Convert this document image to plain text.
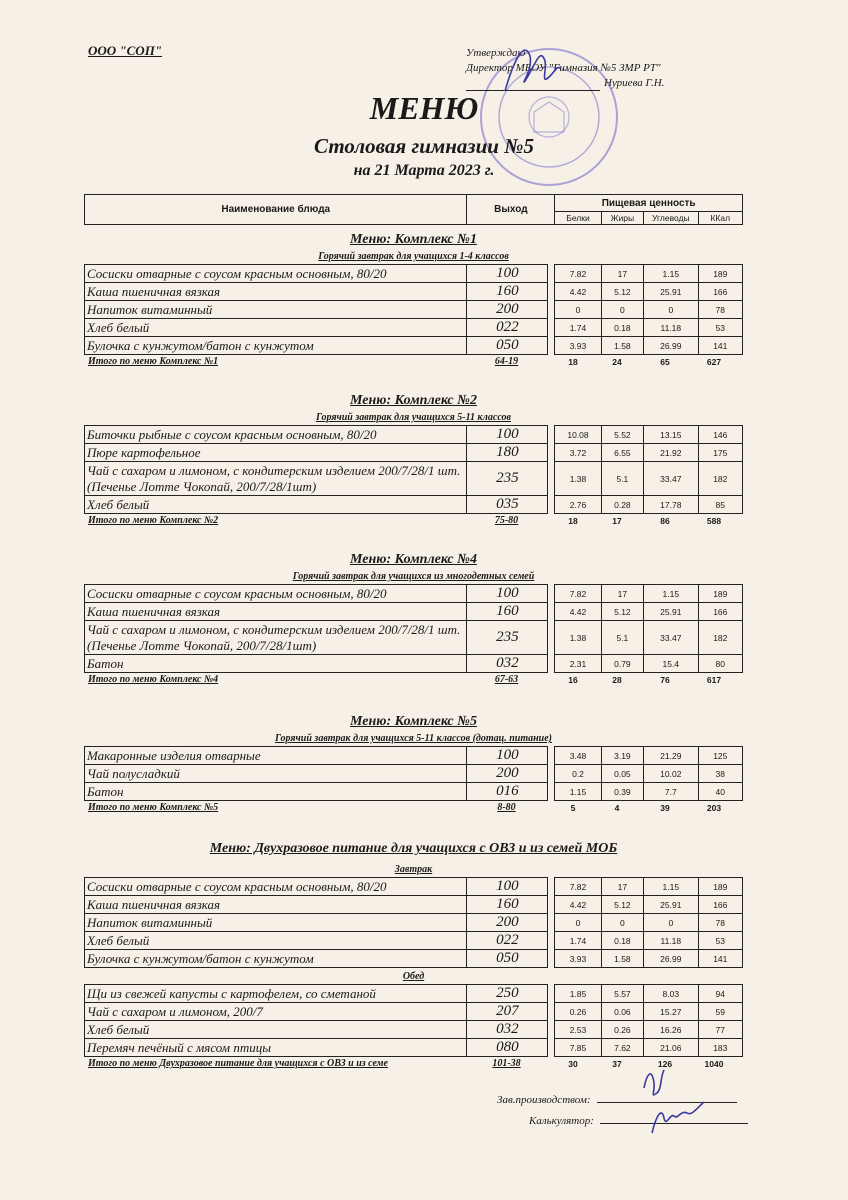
ООО "СОП"	Утверждаю
Директор МБОУ "Гимназия №5 ЗМР РТ"
Нуриева Г.Н.
МЕНЮ
Столовая гимназии №5
на 21 Марта 2023 г.
Наименование блюда	Выход	Пищевая ценность			
		Белки	Жиры	Углеводы	ККал
Меню: Комплекс №1
Горячий завтрак для учащихся 1-4 классов
Сосиски отварные с соусом красным основным, 80/20	100		7.82	17	1.15	189
Каша пшеничная вязкая	160		4.42	5.12	25.91	166
Напиток витаминный	200		0	0	0	78
Хлеб белый	022		1.74	0.18	11.18	53
Булочка с кунжутом/батон с кунжутом	050		3.93	1.58	26.99	141
Итого по меню Комплекс №1	64-19	18	24	65	627
Меню: Комплекс №2
Горячий завтрак для учащихся 5-11 классов
Биточки рыбные с соусом красным основным, 80/20	100		10.08	5.52	13.15	146
Пюре картофельное	180		3.72	6.55	21.92	175
Чай с сахаром и лимоном, с кондитерским изделием 200/7/28/1 шт. (Печенье Лотте Чокопай, 200/7/28/1шт)	235		1.38	5.1	33.47	182
Хлеб белый	035		2.76	0.28	17.78	85
Итого по меню Комплекс №2	75-80	18	17	86	588
Меню: Комплекс №4
Горячий завтрак для учащихся из многодетных семей
Сосиски отварные с соусом красным основным, 80/20	100		7.82	17	1.15	189
Каша пшеничная вязкая	160		4.42	5.12	25.91	166
Чай с сахаром и лимоном, с кондитерским изделием 200/7/28/1 шт. (Печенье Лотте Чокопай, 200/7/28/1шт)	235		1.38	5.1	33.47	182
Батон	032		2.31	0.79	15.4	80
Итого по меню Комплекс №4	67-63	16	28	76	617
Меню: Комплекс №5
Горячий завтрак для учащихся 5-11 классов (дотац. питание)
Макаронные изделия отварные	100		3.48	3.19	21.29	125
Чай полусладкий	200		0.2	0.05	10.02	38
Батон	016		1.15	0.39	7.7	40
Итого по меню Комплекс №5	8-80	5	4	39	203
Меню: Двухразовое питание для учащихся с ОВЗ и из семей МОБ
Завтрак
Сосиски отварные с соусом красным основным, 80/20	100		7.82	17	1.15	189
Каша пшеничная вязкая	160		4.42	5.12	25.91	166
Напиток витаминный	200		0	0	0	78
Хлеб белый	022		1.74	0.18	11.18	53
Булочка с кунжутом/батон с кунжутом	050		3.93	1.58	26.99	141
Обед
Щи из свежей капусты с картофелем, со сметаной	250		1.85	5.57	8.03	94
Чай с сахаром и лимоном, 200/7	207		0.26	0.06	15.27	59
Хлеб белый	032		2.53	0.26	16.26	77
Перемяч печёный с мясом птицы	080		7.85	7.62	21.06	183
Итого по меню Двухразовое питание для учащихся с ОВЗ и из семе	101-38	30	37	126	1040
Зав.производством:
Калькулятор:
